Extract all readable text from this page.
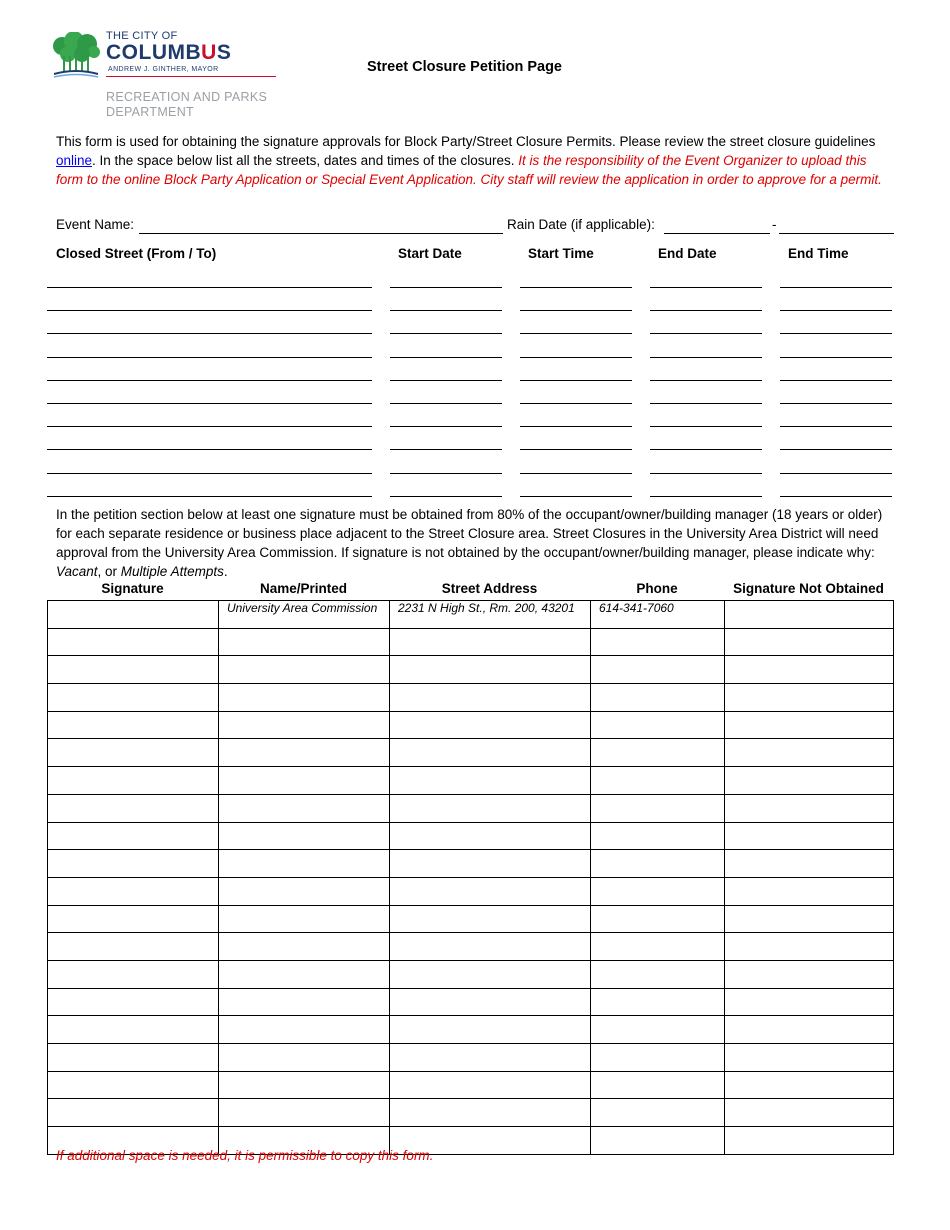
THE CITY OF
COLUMBUS
ANDREW J. GINTHER, MAYOR
RECREATION AND PARKS
DEPARTMENT
Street Closure Petition Page
This form is used for obtaining the signature approvals for Block Party/Street Closure Permits. Please review the street closure guidelines online. In the space below list all the streets, dates and times of the closures. It is the responsibility of the Event Organizer to upload this form to the online Block Party Application or Special Event Application. City staff will review the application in order to approve for a permit.
Event Name:	Rain Date (if applicable):	-
Closed Street (From / To)	Start Date	Start Time	End Date	End Time
In the petition section below at least one signature must be obtained from 80% of the occupant/owner/building manager (18 years or older) for each separate residence or business place adjacent to the Street Closure area. Street Closures in the University Area District will need approval from the University Area Commission. If signature is not obtained by the occupant/owner/building manager, please indicate why: Vacant, or Multiple Attempts.
Signature	Name/Printed	Street Address	Phone	Signature Not Obtained
	University Area Commission	2231 N High St., Rm. 200, 43201	614-341-7060	

If additional space is needed, it is permissible to copy this form.
